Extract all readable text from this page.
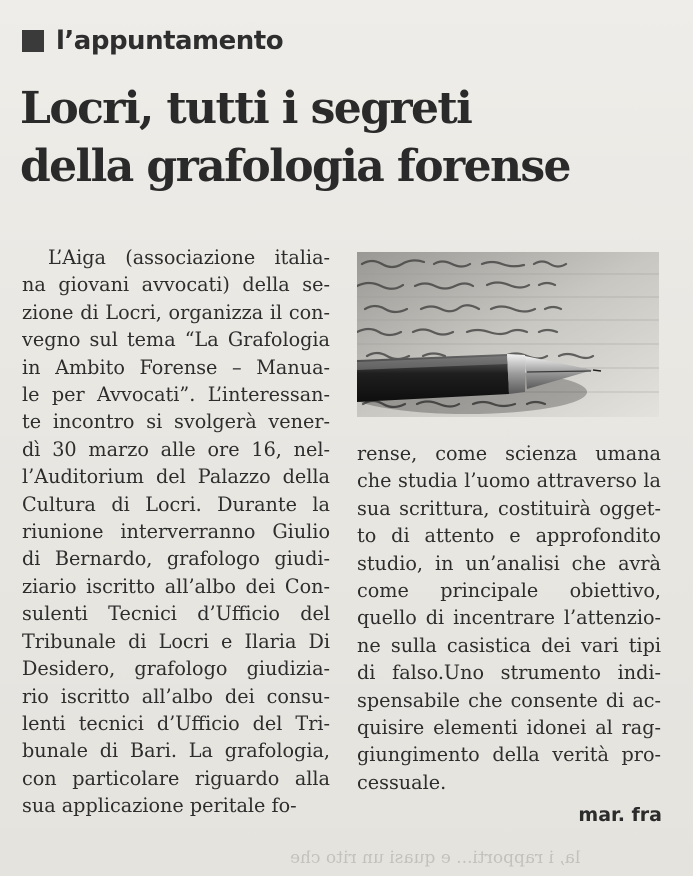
l’appuntamento
Locri, tutti i segreti
della grafologia forense
L’Aiga (associazione italia-
na giovani avvocati) della se-
zione di Locri, organizza il con-
vegno sul tema “La Grafologia
in Ambito Forense – Manua-
le per Avvocati”. L’interessan-
te incontro si svolgerà vener-
dì 30 marzo alle ore 16, nel-
l’Auditorium del Palazzo della
Cultura di Locri. Durante la
riunione interverranno Giulio
di Bernardo, grafologo giudi-
ziario iscritto all’albo dei Con-
sulenti Tecnici d’Ufficio del
Tribunale di Locri e Ilaria Di
Desidero, grafologo giudizia-
rio iscritto all’albo dei consu-
lenti tecnici d’Ufficio del Tri-
bunale di Bari. La grafologia,
con particolare riguardo alla
sua applicazione peritale fo-
rense, come scienza umana
che studia l’uomo attraverso la
sua scrittura, costituirà ogget-
to di attento e approfondito
studio, in un’analisi che avrà
come principale obiettivo,
quello di incentrare l’attenzio-
ne sulla casistica dei vari tipi
di falso.Uno strumento indi-
spensabile che consente di ac-
quisire elementi idonei al rag-
giungimento della verità pro-
cessuale.
mar. fra
la, i rapporti... e quasi un rito che
